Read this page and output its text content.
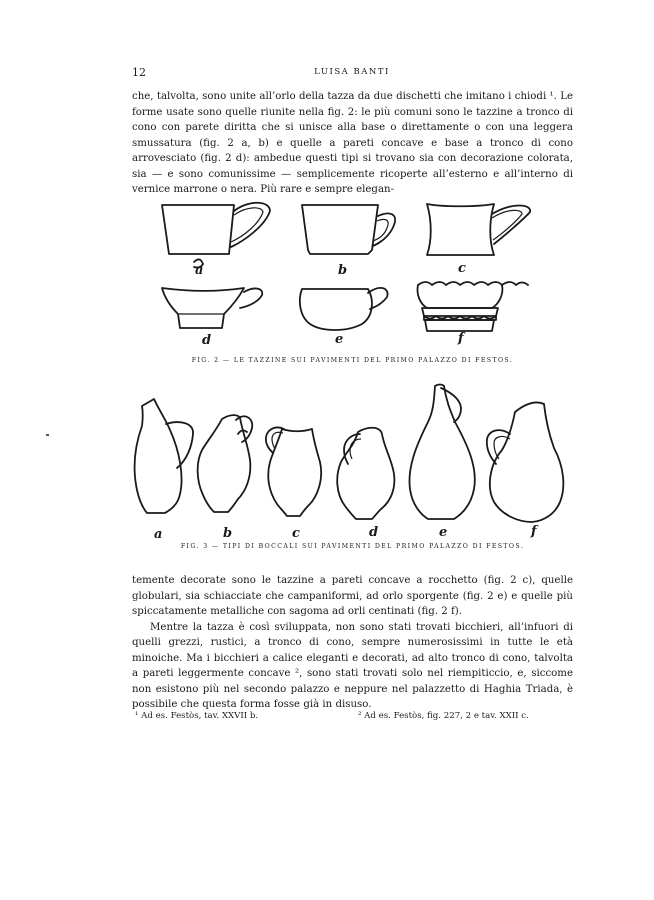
12	LUISA BANTI

che, talvolta, sono unite all’orlo della tazza da due dischetti che imitano i chiodi ¹. Le forme usate sono quelle riunite nella fig. 2: le più comuni sono le tazzine a tronco di cono con parete diritta che si unisce alla base o direttamente o con una leggera smussatura (fig. 2 a, b) e quelle a pareti concave e base a tronco di cono arrovesciato (fig. 2 d): ambedue questi tipi si trovano sia con decorazione colorata, sia — e sono comunissime — semplicemente ricoperte all’esterno e all’interno di vernice marrone o nera. Più rare e sempre elegan-

a	b	c
d	e	f
FIG. 2 — LE TAZZINE SUI PAVIMENTI DEL PRIMO PALAZZO DI FESTOS.
a	b	c	d	e	f
FIG. 3 — TIPI DI BOCCALI SUI PAVIMENTI DEL PRIMO PALAZZO DI FESTOS.

temente decorate sono le tazzine a pareti concave a rocchetto (fig. 2 c), quelle globulari, sia schiacciate che campaniformi, ad orlo sporgente (fig. 2 e) e quelle più spiccatamente metalliche con sagoma ad orli centinati (fig. 2 f).

Mentre la tazza è così sviluppata, non sono stati trovati bicchieri, all’infuori di quelli grezzi, rustici, a tronco di cono, sempre numerosissimi in tutte le età minoiche. Ma i bicchieri a calice eleganti e decorati, ad alto tronco di cono, talvolta a pareti leggermente concave ², sono stati trovati solo nel riempiticcio, e, siccome non esistono più nel secondo palazzo e neppure nel palazzetto di Haghia Triada, è possibile che questa forma fosse già in disuso.

¹ Ad es. Festòs, tav. XXVII b.	² Ad es. Festòs, fig. 227, 2 e tav. XXII c.
